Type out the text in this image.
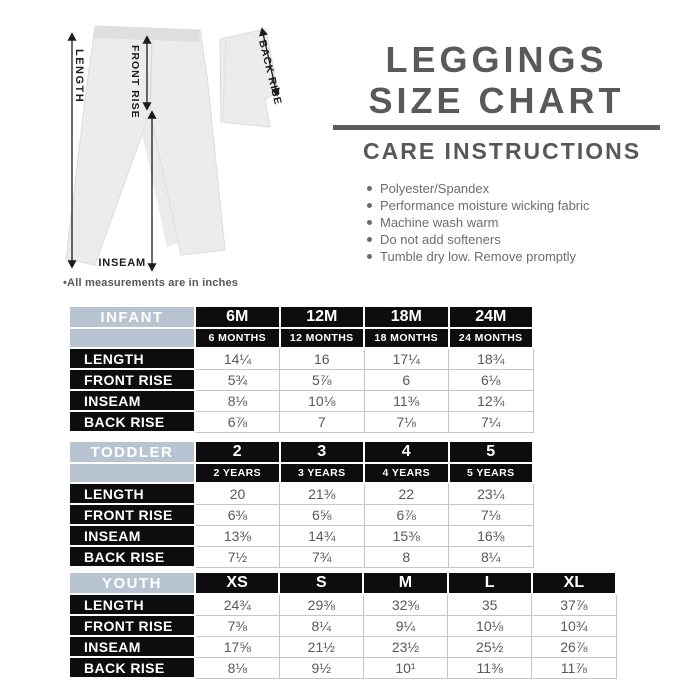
LENGTH	FRONT RISE
INSEAM
BACK RISE
•All measurements are in inches
LEGGINGS
SIZE CHART
CARE INSTRUCTIONS
Polyester/Spandex
Performance moisture wicking fabric
Machine wash warm
Do not add softeners
Tumble dry low. Remove promptly
INFANT	6M	12M	18M	24M
	6 MONTHS	12 MONTHS	18 MONTHS	24 MONTHS
LENGTH	14¼	16	17¼	18¾
FRONT RISE	5¾	5⅞	6	6⅛
INSEAM	8⅛	10⅛	11⅜	12¾
BACK RISE	6⅞	7	7⅛	7¼
TODDLER	2	3	4	5
	2 YEARS	3 YEARS	4 YEARS	5 YEARS
LENGTH	20	21⅜	22	23¼
FRONT RISE	6⅜	6⅝	6⅞	7⅛
INSEAM	13⅜	14¾	15⅜	16⅜
BACK RISE	7½	7¾	8	8¼
YOUTH	XS	S	M	L	XL
LENGTH	24¾	29⅜	32⅜	35	37⅞
FRONT RISE	7⅜	8¼	9¼	10⅛	10¾
INSEAM	17⅝	21½	23½	25½	26⅞
BACK RISE	8⅛	9½	10¹	11⅜	11⅞
